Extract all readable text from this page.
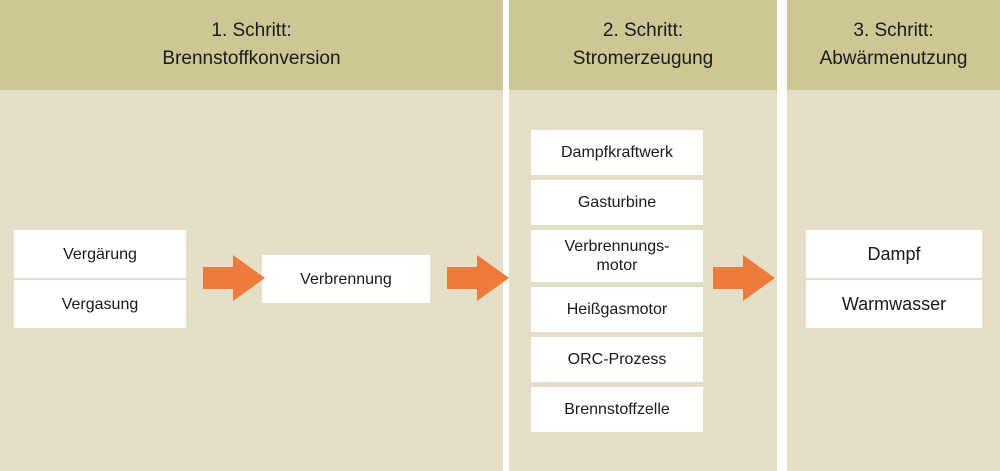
1. Schritt:
Brennstoffkonversion
Vergärung
Vergasung
Verbrennung
2. Schritt:
Stromerzeugung
Dampfkraftwerk
Gasturbine
Verbrennungs-
motor
Heißgasmotor
ORC-Prozess
Brennstoffzelle
3. Schritt:
Abwärmenutzung
Dampf
Warmwasser
